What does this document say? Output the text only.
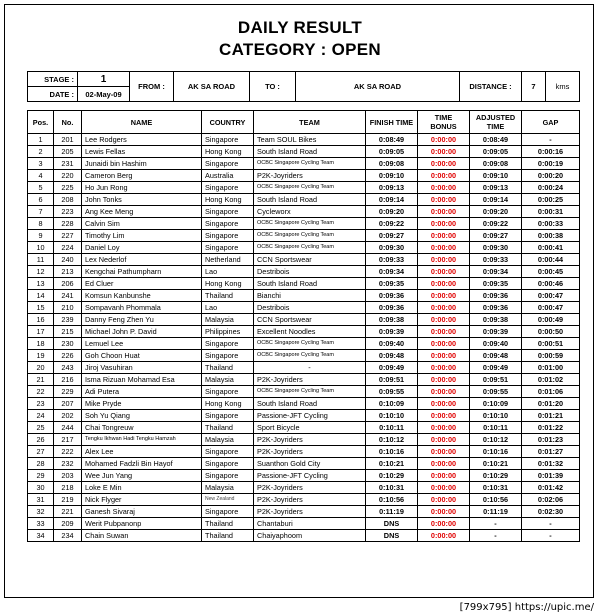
DAILY RESULT
CATEGORY : OPEN
STAGE :	1	FROM :	AK SA ROAD	TO :	AK SA ROAD	DISTANCE :	7	kms
DATE :	02-May-09							
Pos.	No.	NAME	COUNTRY	TEAM	FINISH TIME	TIME BONUS	ADJUSTED TIME	GAP
1	201	Lee Rodgers	Singapore	Team SOUL Bikes	0:08:49	0:00:00	0:08:49	-
2	205	Lewis Fellas	Hong Kong	South Island Road	0:09:05	0:00:00	0:09:05	0:00:16
3	231	Junaidi bin Hashim	Singapore	OCBC Singapore Cycling Team	0:09:08	0:00:00	0:09:08	0:00:19
4	220	Cameron Berg	Australia	P2K-Joyriders	0:09:10	0:00:00	0:09:10	0:00:20
5	225	Ho Jun Rong	Singapore	OCBC Singapore Cycling Team	0:09:13	0:00:00	0:09:13	0:00:24
6	208	John Tonks	Hong Kong	South Island Road	0:09:14	0:00:00	0:09:14	0:00:25
7	223	Ang Kee Meng	Singapore	Cycleworx	0:09:20	0:00:00	0:09:20	0:00:31
8	228	Calvin Sim	Singapore	OCBC Singapore Cycling Team	0:09:22	0:00:00	0:09:22	0:00:33
9	227	Timothy Lim	Singapore	OCBC Singapore Cycling Team	0:09:27	0:00:00	0:09:27	0:00:38
10	224	Daniel Loy	Singapore	OCBC Singapore Cycling Team	0:09:30	0:00:00	0:09:30	0:00:41
11	240	Lex Nederlof	Netherland	CCN Sportswear	0:09:33	0:00:00	0:09:33	0:00:44
12	213	Kengchai Pathumpharn	Lao	Destribois	0:09:34	0:00:00	0:09:34	0:00:45
13	206	Ed Cluer	Hong Kong	South Island Road	0:09:35	0:00:00	0:09:35	0:00:46
14	241	Komsun Kanbunshe	Thailand	Bianchi	0:09:36	0:00:00	0:09:36	0:00:47
15	210	Sompavanh Phommala	Lao	Destribois	0:09:36	0:00:00	0:09:36	0:00:47
16	239	Danny Feng Zhen Yu	Malaysia	CCN Sportswear	0:09:38	0:00:00	0:09:38	0:00:49
17	215	Michael John P. David	Philippines	Excellent Noodles	0:09:39	0:00:00	0:09:39	0:00:50
18	230	Lemuel Lee	Singapore	OCBC Singapore Cycling Team	0:09:40	0:00:00	0:09:40	0:00:51
19	226	Goh Choon Huat	Singapore	OCBC Singapore Cycling Team	0:09:48	0:00:00	0:09:48	0:00:59
20	243	Jiroj Vasuhiran	Thailand	-	0:09:49	0:00:00	0:09:49	0:01:00
21	216	Isma Rizuan Mohamad Esa	Malaysia	P2K-Joyriders	0:09:51	0:00:00	0:09:51	0:01:02
22	229	Adi Putera	Singapore	OCBC Singapore Cycling Team	0:09:55	0:00:00	0:09:55	0:01:06
23	207	Mike Pryde	Hong Kong	South Island Road	0:10:09	0:00:00	0:10:09	0:01:20
24	202	Soh Yu Qiang	Singapore	Passione-JFT Cycling	0:10:10	0:00:00	0:10:10	0:01:21
25	244	Chai Tongreuw	Thailand	Sport Bicycle	0:10:11	0:00:00	0:10:11	0:01:22
26	217	Tengku Ikhwan Hadi Tengku Hamzah	Malaysia	P2K-Joyriders	0:10:12	0:00:00	0:10:12	0:01:23
27	222	Alex Lee	Singapore	P2K-Joyriders	0:10:16	0:00:00	0:10:16	0:01:27
28	232	Mohamed Fadzli Bin Hayof	Singapore	Suanthon Gold City	0:10:21	0:00:00	0:10:21	0:01:32
29	203	Wee Jun Yang	Singapore	Passione-JFT Cycling	0:10:29	0:00:00	0:10:29	0:01:39
30	218	Loke E Min	Malaysia	P2K-Joyriders	0:10:31	0:00:00	0:10:31	0:01:42
31	219	Nick Flyger	New Zealand	P2K-Joyriders	0:10:56	0:00:00	0:10:56	0:02:06
32	221	Ganesh Sivaraj	Singapore	P2K-Joyriders	0:11:19	0:00:00	0:11:19	0:02:30
33	209	Werit Pubpanonp	Thailand	Chantaburi	DNS	0:00:00	-	-
34	234	Chain Suwan	Thailand	Chaiyaphoom	DNS	0:00:00	-	-
[799x795] https://upic.me/
